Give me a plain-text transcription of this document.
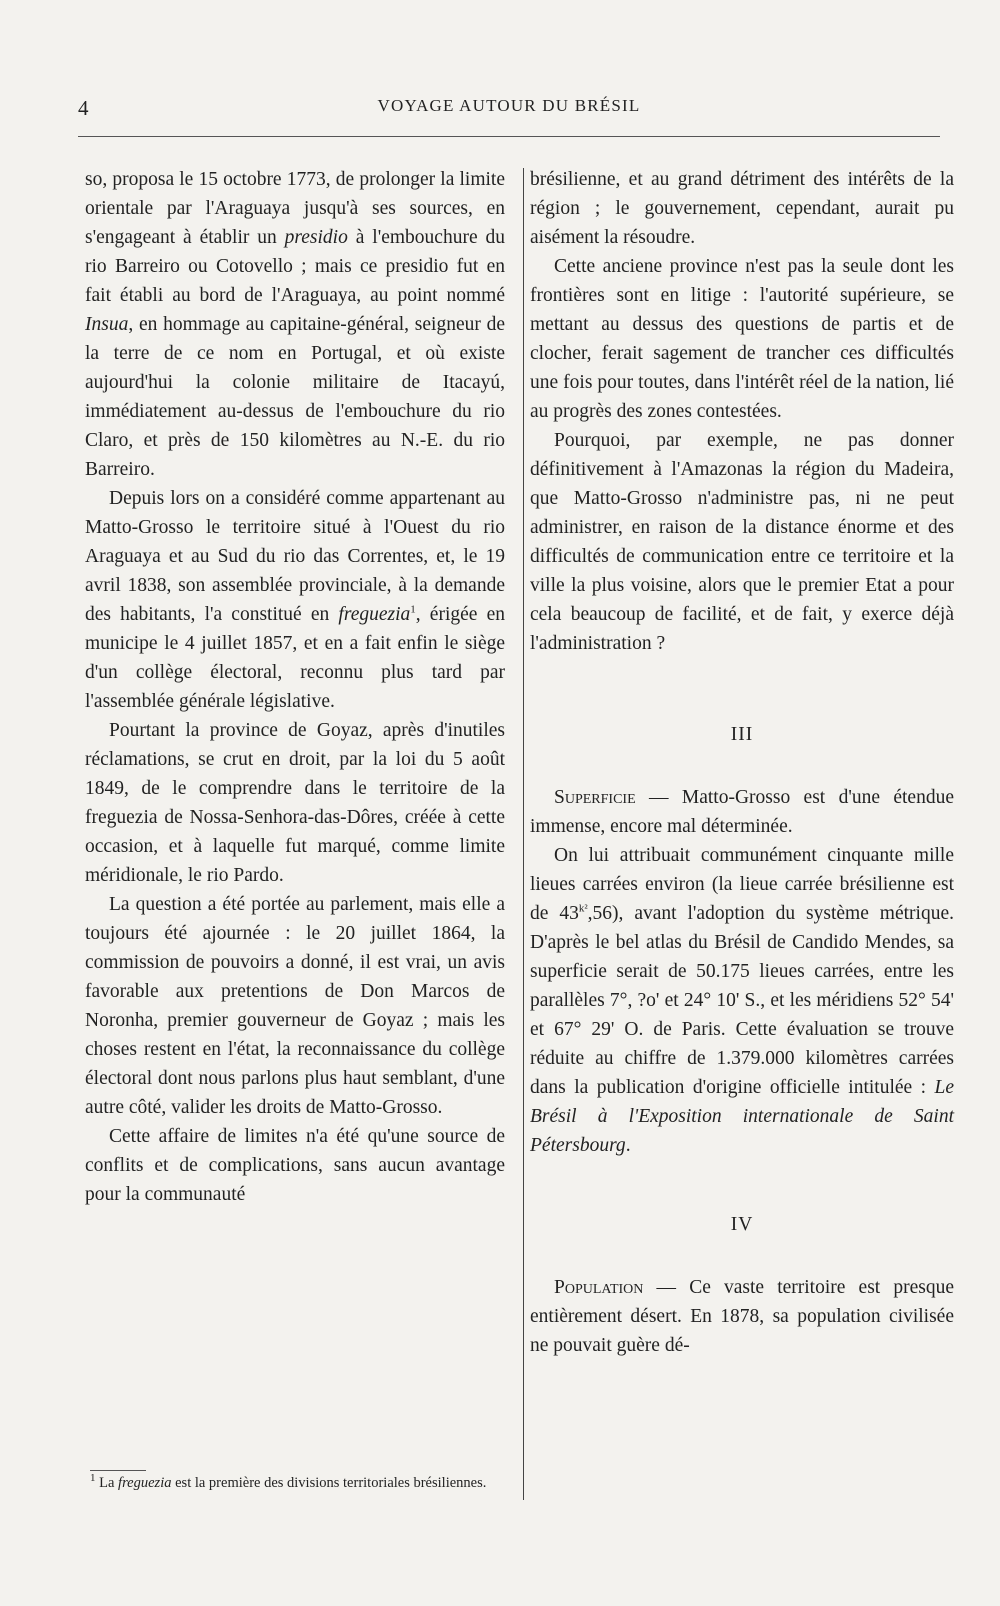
4	VOYAGE AUTOUR DU BRÉSIL

so, proposa le 15 octobre 1773, de prolonger la limite orientale par l'Araguaya jusqu'à ses sources, en s'engageant à établir un presidio à l'embouchure du rio Barreiro ou Cotovello ; mais ce presidio fut en fait établi au bord de l'Araguaya, au point nommé Insua, en hommage au capitaine-général, seigneur de la terre de ce nom en Portugal, et où existe aujourd'hui la colonie militaire de Itacayú, immédiatement au-dessus de l'embouchure du rio Claro, et près de 150 kilomètres au N.-E. du rio Barreiro.

Depuis lors on a considéré comme appartenant au Matto-Grosso le territoire situé à l'Ouest du rio Araguaya et au Sud du rio das Correntes, et, le 19 avril 1838, son assemblée provinciale, à la demande des habitants, l'a constitué en freguezia$^1$, érigée en municipe le 4 juillet 1857, et en a fait enfin le siège d'un collège électoral, reconnu plus tard par l'assemblée générale législative.

Pourtant la province de Goyaz, après d'inutiles réclamations, se crut en droit, par la loi du 5 août 1849, de le comprendre dans le territoire de la freguezia de Nossa-Senhora-das-Dôres, créée à cette occasion, et à laquelle fut marqué, comme limite méridionale, le rio Pardo.

La question a été portée au parlement, mais elle a toujours été ajournée : le 20 juillet 1864, la commission de pouvoirs a donné, il est vrai, un avis favorable aux pretentions de Don Marcos de Noronha, premier gouverneur de Goyaz ; mais les choses restent en l'état, la reconnaissance du collège électoral dont nous parlons plus haut semblant, d'une autre côté, valider les droits de Matto-Grosso.

Cette affaire de limites n'a été qu'une source de conflits et de complications, sans aucun avantage pour la communauté

brésilienne, et au grand détriment des intérêts de la région ; le gouvernement, cependant, aurait pu aisément la résoudre.

Cette anciene province n'est pas la seule dont les frontières sont en litige : l'autorité supérieure, se mettant au dessus des questions de partis et de clocher, ferait sagement de trancher ces difficultés une fois pour toutes, dans l'intérêt réel de la nation, lié au progrès des zones contestées.

Pourquoi, par exemple, ne pas donner définitivement à l'Amazonas la région du Madeira, que Matto-Grosso n'administre pas, ni ne peut administrer, en raison de la distance énorme et des difficultés de communication entre ce territoire et la ville la plus voisine, alors que le premier Etat a pour cela beaucoup de facilité, et de fait, y exerce déjà l'administration ?

III

Superficie — Matto-Grosso est d'une étendue immense, encore mal déterminée.

On lui attribuait communément cinquante mille lieues carrées environ (la lieue carrée brésilienne est de $43^{k^2},56$), avant l'adoption du système métrique. D'après le bel atlas du Brésil de Candido Mendes, sa superficie serait de 50.175 lieues carrées, entre les parallèles 7°, ?o' et 24° 10' S., et les méridiens 52° 54' et 67° 29' O. de Paris. Cette évaluation se trouve réduite au chiffre de 1.379.000 kilomètres carrées dans la publication d'origine officielle intitulée : Le Brésil à l'Exposition internationale de Saint Pétersbourg.

IV

Population — Ce vaste territoire est presque entièrement désert. En 1878, sa population civilisée ne pouvait guère dé-

$^1$ La freguezia est la première des divisions territoriales brésiliennes.
